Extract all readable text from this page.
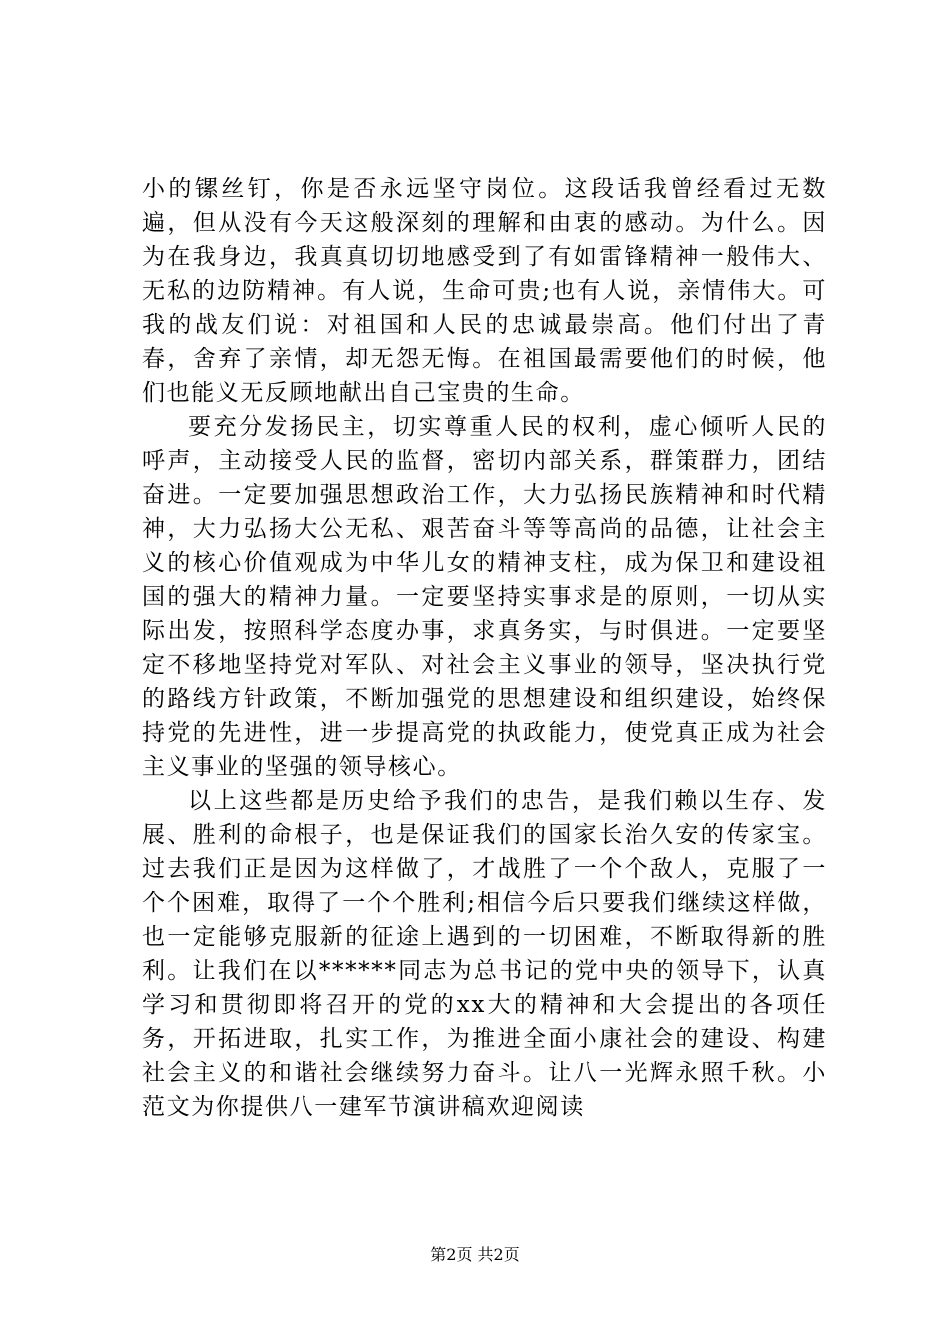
小的镙丝钉，你是否永远坚守岗位。这段话我曾经看过无数遍，但从没有今天这般深刻的理解和由衷的感动。为什么。因为在我身边，我真真切切地感受到了有如雷锋精神一般伟大、无私的边防精神。有人说，生命可贵;也有人说，亲情伟大。可我的战友们说：对祖国和人民的忠诚最崇高。他们付出了青春，舍弃了亲情，却无怨无悔。在祖国最需要他们的时候，他们也能义无反顾地献出自己宝贵的生命。

要充分发扬民主，切实尊重人民的权利，虚心倾听人民的呼声，主动接受人民的监督，密切内部关系，群策群力，团结奋进。一定要加强思想政治工作，大力弘扬民族精神和时代精神，大力弘扬大公无私、艰苦奋斗等等高尚的品德，让社会主义的核心价值观成为中华儿女的精神支柱，成为保卫和建设祖国的强大的精神力量。一定要坚持实事求是的原则，一切从实际出发，按照科学态度办事，求真务实，与时俱进。一定要坚定不移地坚持党对军队、对社会主义事业的领导，坚决执行党的路线方针政策，不断加强党的思想建设和组织建设，始终保持党的先进性，进一步提高党的执政能力，使党真正成为社会主义事业的坚强的领导核心。

以上这些都是历史给予我们的忠告，是我们赖以生存、发展、胜利的命根子，也是保证我们的国家长治久安的传家宝。过去我们正是因为这样做了，才战胜了一个个敌人，克服了一个个困难，取得了一个个胜利;相信今后只要我们继续这样做，也一定能够克服新的征途上遇到的一切困难，不断取得新的胜利。让我们在以******同志为总书记的党中央的领导下，认真学习和贯彻即将召开的党的xx大的精神和大会提出的各项任务，开拓进取，扎实工作，为推进全面小康社会的建设、构建社会主义的和谐社会继续努力奋斗。让八一光辉永照千秋。小范文为你提供八一建军节演讲稿欢迎阅读

第2页 共2页
